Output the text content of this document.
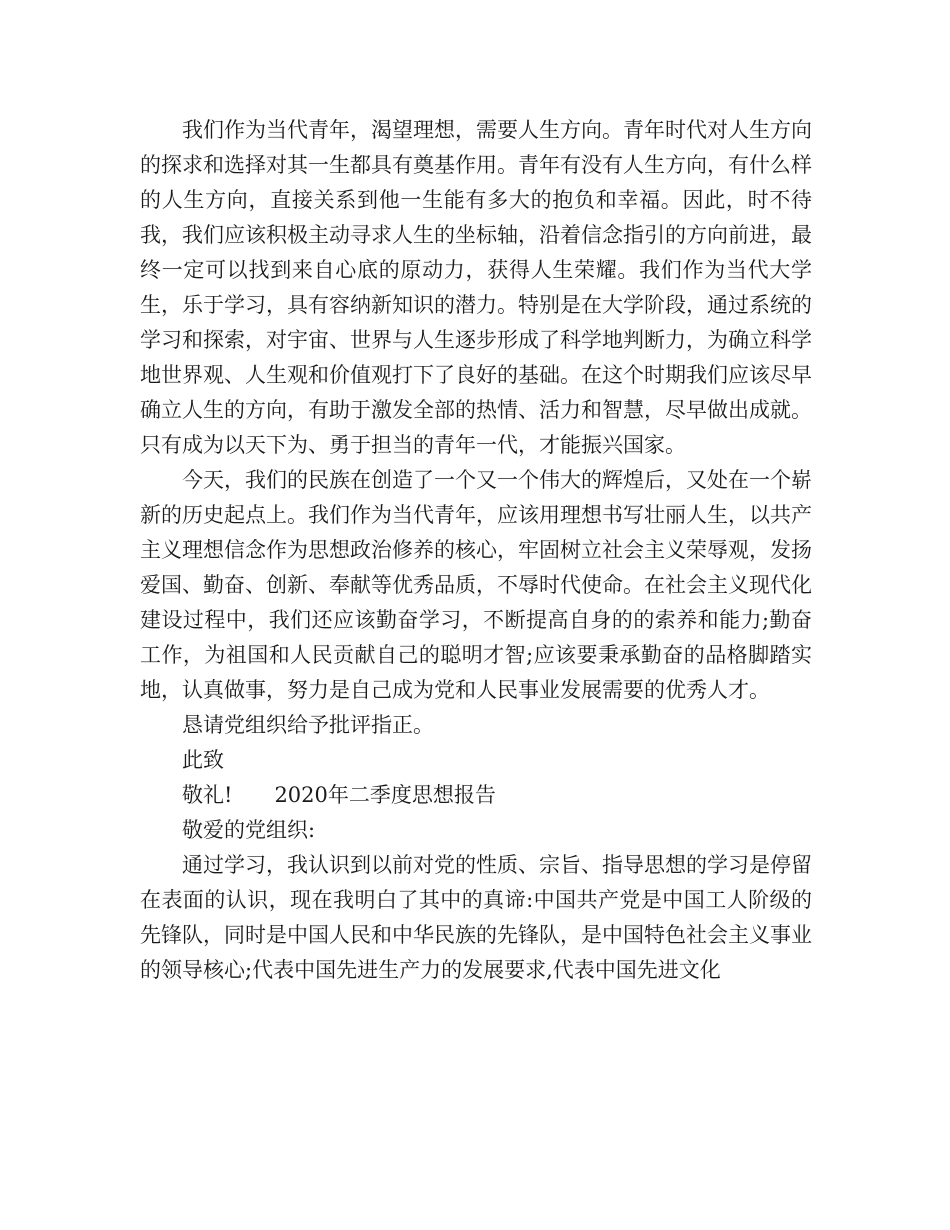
我们作为当代青年，渴望理想，需要人生方向。青年时代对人生方向的探求和选择对其一生都具有奠基作用。青年有没有人生方向，有什么样的人生方向，直接关系到他一生能有多大的抱负和幸福。因此，时不待我，我们应该积极主动寻求人生的坐标轴，沿着信念指引的方向前进，最终一定可以找到来自心底的原动力，获得人生荣耀。我们作为当代大学生，乐于学习，具有容纳新知识的潜力。特别是在大学阶段，通过系统的学习和探索，对宇宙、世界与人生逐步形成了科学地判断力，为确立科学地世界观、人生观和价值观打下了良好的基础。在这个时期我们应该尽早确立人生的方向，有助于激发全部的热情、活力和智慧，尽早做出成就。只有成为以天下为、勇于担当的青年一代，才能振兴国家。

今天，我们的民族在创造了一个又一个伟大的辉煌后，又处在一个崭新的历史起点上。我们作为当代青年，应该用理想书写壮丽人生，以共产主义理想信念作为思想政治修养的核心，牢固树立社会主义荣辱观，发扬爱国、勤奋、创新、奉献等优秀品质，不辱时代使命。在社会主义现代化建设过程中，我们还应该勤奋学习，不断提高自身的的索养和能力;勤奋工作，为祖国和人民贡献自己的聪明才智;应该要秉承勤奋的品格脚踏实地，认真做事，努力是自己成为党和人民事业发展需要的优秀人才。

恳请党组织给予批评指正。

此致

敬礼!　　2020年二季度思想报告

敬爱的党组织:

通过学习，我认识到以前对党的性质、宗旨、指导思想的学习是停留在表面的认识，现在我明白了其中的真谛:中国共产党是中国工人阶级的先锋队，同时是中国人民和中华民族的先锋队，是中国特色社会主义事业的领导核心;代表中国先进生产力的发展要求,代表中国先进文化
